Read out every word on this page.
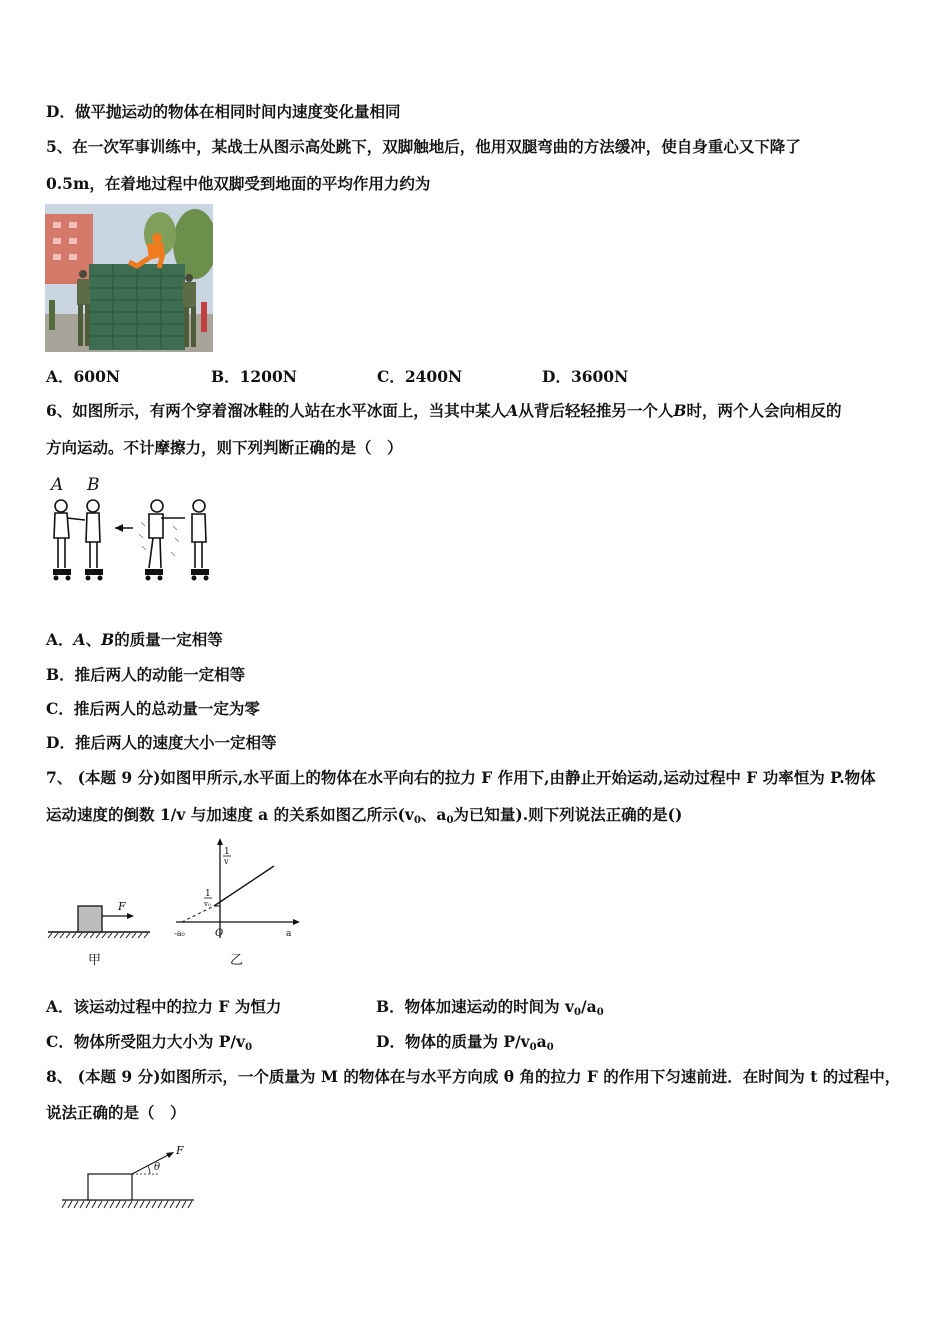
D．做平抛运动的物体在相同时间内速度变化量相同
5、在一次军事训练中，某战士从图示高处跳下，双脚触地后，他用双腿弯曲的方法缓冲，使自身重心又下降了
0.5m，在着地过程中他双脚受到地面的平均作用力约为
A．600N	B．1200N	C．2400N	D．3600N
6、如图所示，有两个穿着溜冰鞋的人站在水平冰面上，当其中某人A从背后轻轻推另一个人B时，两个人会向相反的
方向运动。不计摩擦力，则下列判断正确的是（　）
A B
A．A、B的质量一定相等
B．推后两人的动能一定相等
C．推后两人的总动量一定为零
D．推后两人的速度大小一定相等
7、 (本题 9 分)如图甲所示,水平面上的物体在水平向右的拉力 F 作用下,由静止开始运动,运动过程中 F 功率恒为 P.物体
运动速度的倒数 1/v 与加速度 a 的关系如图乙所示($v_0$、$a_0$为已知量).则下列说法正确的是()
F
甲
1
v
1
v₀
-a₀	O	a
乙
A．该运动过程中的拉力 F 为恒力	B．物体加速运动的时间为 $v_0/a_0$
C．物体所受阻力大小为 $P/v_0$	D．物体的质量为 $P/v_0a_0$
8、 (本题 9 分)如图所示，一个质量为 M 的物体在与水平方向成 θ 角的拉力 F 的作用下匀速前进．在时间为 t 的过程中，
说法正确的是（　）
θ
F
